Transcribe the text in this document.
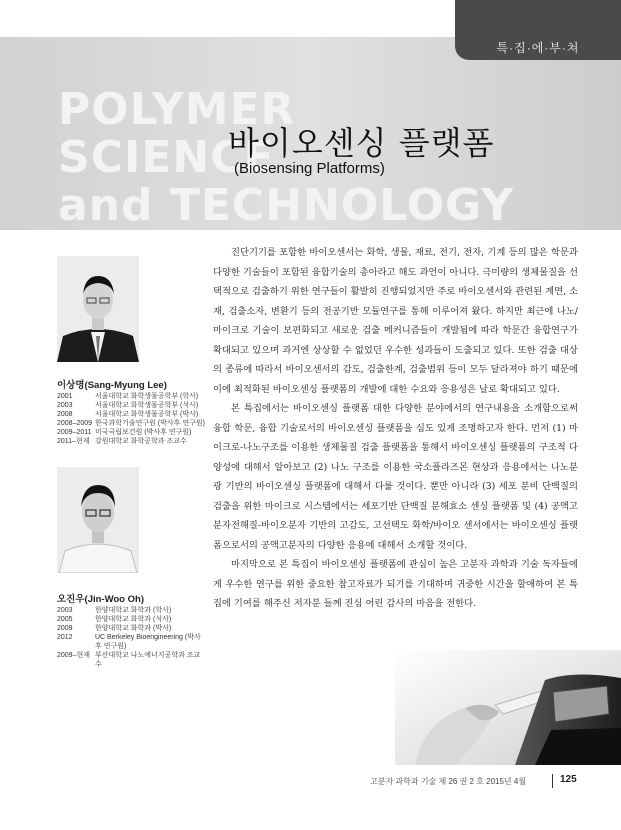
POLYMER
SCIENCE
and TECHNOLOGY
특·집·에·부·쳐
바이오센싱 플랫폼
(Biosensing Platforms)
이상명(Sang-Myung Lee)
2001	서울대학교 화학생물공학부 (학사)
2003	서울대학교 화학생물공학부 (석사)
2008	서울대학교 화학생물공학부 (박사)
2008–2009 한국과학기술연구원 (박사후 연구원)
2009–2011 미국국립보건원 (박사후 연구원)
2011–현재 강원대학교 화학공학과 조교수
오진우(Jin-Woo Oh)
2003	한양대학교 화학과 (학사)
2005	한양대학교 화학과 (석사)
2009	한양대학교 화학과 (박사)
2012	UC Berkeley Bioengineering (박사후 연구원)
2009–현재 부산대학교 나노에너지공학과 조교수

진단기기를 포함한 바이오센서는 화학, 생물, 재료, 전기, 전자, 기계 등의 많은 학문과 다양한 기술들이 포함된 융합기술의 총아라고 해도 과언이 아니다. 극미량의 생체물질을 선택적으로 검출하기 위한 연구들이 활발히 진행되었지만 주로 바이오센서와 관련된 계면, 소재, 검출소자, 변환기 등의 전공기반 모듈연구를 통해 이루어져 왔다. 하지만 최근에 나노/마이크로 기술이 보편화되고 새로운 검출 메커니즘들이 개발됨에 따라 학문간 융합연구가 확대되고 있으며 과거엔 상상할 수 없었던 우수한 성과들이 도출되고 있다. 또한 검출 대상의 종류에 따라서 바이오센서의 감도, 검출한계, 검출범위 등이 모두 달라져야 하기 때문에 이에 최적화된 바이오센싱 플랫폼의 개발에 대한 수요와 응용성은 날로 확대되고 있다.

본 특집에서는 바이오센싱 플랫폼 대한 다양한 분야에서의 연구내용을 소개함으로써 융합 학문, 융합 기술로서의 바이오센싱 플랫폼을 심도 있게 조명하고자 한다. 먼저 (1) 마이크로-나노구조를 이용한 생체물질 검출 플랫폼을 통해서 바이오센싱 플랫폼의 구조적 다양성에 대해서 알아보고 (2) 나노 구조를 이용한 국소플라즈몬 현상과 응용에서는 나노분광 기반의 바이오센싱 플랫폼에 대해서 다룰 것이다. 뿐만 아니라 (3) 세포 분비 단백질의 검출을 위한 마이크로 시스템에서는 세포기반 단백질 분해효소 센싱 플랫폼 및 (4) 공액고분자전해질-바이오분자 기반의 고감도, 고선택도 화학/바이오 센서에서는 바이오센싱 플랫폼으로서의 공액고분자의 다양한 응용에 대해서 소개할 것이다.

마지막으로 본 특집이 바이오센싱 플랫폼에 관심이 높은 고분자 과학과 기술 독자들에게 우수한 연구를 위한 중요한 참고자료가 되기를 기대하며 귀중한 시간을 할애하여 본 특집에 기여를 해주신 저자분 들께 진심 어린 감사의 마음을 전한다.

고분자 과학과 기술 제 26 권 2 호 2015년 4월	125
